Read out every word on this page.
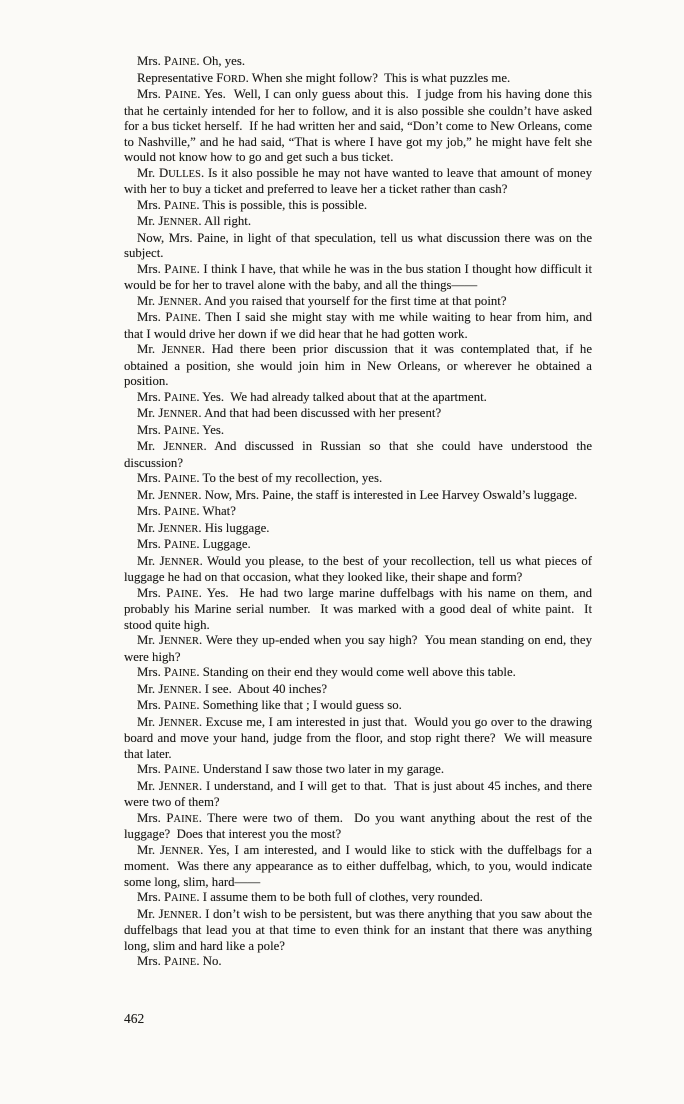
Mrs. PAINE. Oh, yes.

Representative FORD. When she might follow?  This is what puzzles me.

Mrs. PAINE. Yes.  Well, I can only guess about this.  I judge from his having done this that he certainly intended for her to follow, and it is also possible she couldn’t have asked for a bus ticket herself.  If he had written her and said, “Don’t come to New Orleans, come to Nashville,” and he had said, “That is where I have got my job,” he might have felt she would not know how to go and get such a bus ticket.

Mr. DULLES. Is it also possible he may not have wanted to leave that amount of money with her to buy a ticket and preferred to leave her a ticket rather than cash?

Mrs. PAINE. This is possible, this is possible.

Mr. JENNER. All right.

Now, Mrs. Paine, in light of that speculation, tell us what discussion there was on the subject.

Mrs. PAINE. I think I have, that while he was in the bus station I thought how difficult it would be for her to travel alone with the baby, and all the things——

Mr. JENNER. And you raised that yourself for the first time at that point?

Mrs. PAINE. Then I said she might stay with me while waiting to hear from him, and that I would drive her down if we did hear that he had gotten work.

Mr. JENNER. Had there been prior discussion that it was contemplated that, if he obtained a position, she would join him in New Orleans, or wherever he obtained a position.

Mrs. PAINE. Yes.  We had already talked about that at the apartment.

Mr. JENNER. And that had been discussed with her present?

Mrs. PAINE. Yes.

Mr. JENNER. And discussed in Russian so that she could have understood the discussion?

Mrs. PAINE. To the best of my recollection, yes.

Mr. JENNER. Now, Mrs. Paine, the staff is interested in Lee Harvey Oswald’s luggage.

Mrs. PAINE. What?

Mr. JENNER. His luggage.

Mrs. PAINE. Luggage.

Mr. JENNER. Would you please, to the best of your recollection, tell us what pieces of luggage he had on that occasion, what they looked like, their shape and form?

Mrs. PAINE. Yes.  He had two large marine duffelbags with his name on them, and probably his Marine serial number.  It was marked with a good deal of white paint.  It stood quite high.

Mr. JENNER. Were they up-ended when you say high?  You mean standing on end, they were high?

Mrs. PAINE. Standing on their end they would come well above this table.

Mr. JENNER. I see.  About 40 inches?

Mrs. PAINE. Something like that ; I would guess so.

Mr. JENNER. Excuse me, I am interested in just that.  Would you go over to the drawing board and move your hand, judge from the floor, and stop right there?  We will measure that later.

Mrs. PAINE. Understand I saw those two later in my garage.

Mr. JENNER. I understand, and I will get to that.  That is just about 45 inches, and there were two of them?

Mrs. PAINE. There were two of them.  Do you want anything about the rest of the luggage?  Does that interest you the most?

Mr. JENNER. Yes, I am interested, and I would like to stick with the duffelbags for a moment.  Was there any appearance as to either duffelbag, which, to you, would indicate some long, slim, hard——

Mrs. PAINE. I assume them to be both full of clothes, very rounded.

Mr. JENNER. I don’t wish to be persistent, but was there anything that you saw about the duffelbags that lead you at that time to even think for an instant that there was anything long, slim and hard like a pole?

Mrs. PAINE. No.

462
